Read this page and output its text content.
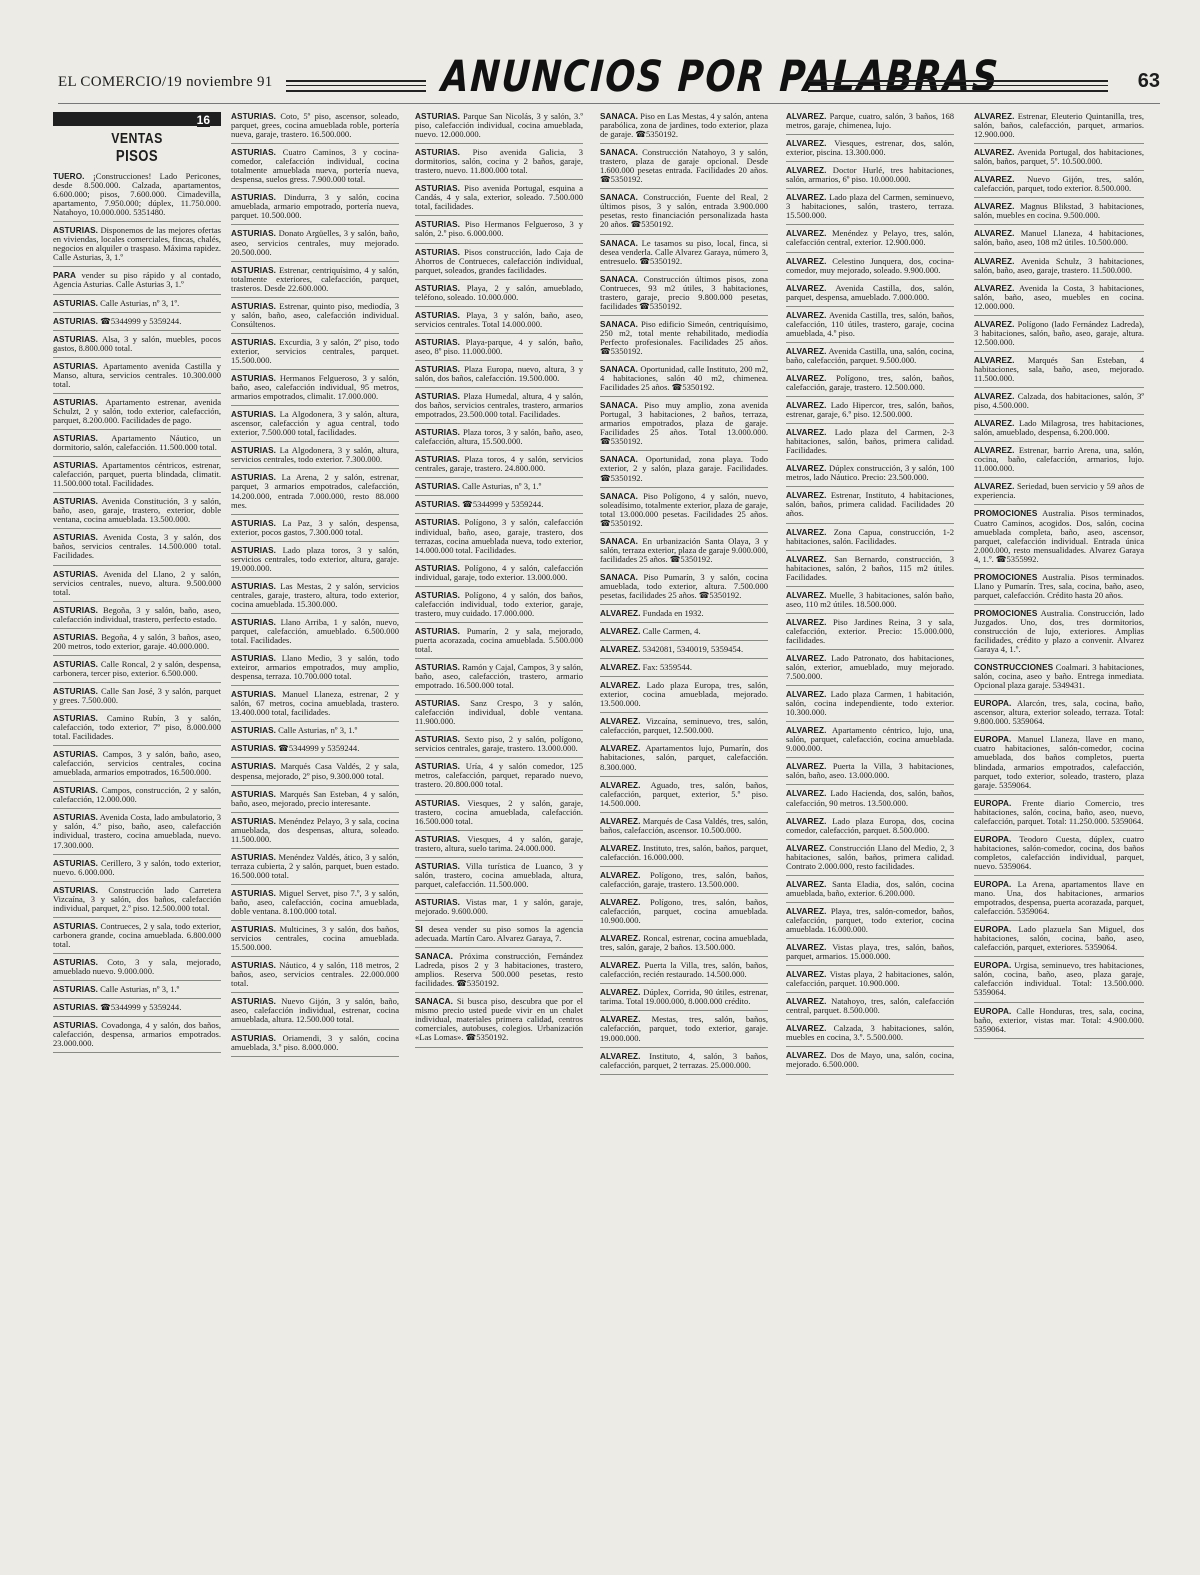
EL COMERCIO/19 noviembre 91	ANUNCIOS POR PALABRAS	63
16
VENTAS
PISOS
TUERO. ¡Construcciones! Lado Pericones, desde 8.500.000. Calzada, apartamentos, 6.600.000; pisos, 7.600.000. Cimadevilla, apartamento, 7.950.000; dúplex, 11.750.000. Natahoyo, 10.000.000. 5351480.
ASTURIAS. Disponemos de las mejores ofertas en viviendas, locales comerciales, fincas, chalés, negocios en alquiler o traspaso. Máxima rapidez. Calle Asturias, 3, 1.º
PARA vender su piso rápido y al contado, Agencia Asturias. Calle Asturias 3, 1.º
ASTURIAS. Calle Asturias, nº 3, 1º.
ASTURIAS. ☎5344999 y 5359244.
ASTURIAS. Alsa, 3 y salón, muebles, pocos gastos, 8.800.000 total.
ASTURIAS. Apartamento avenida Castilla y Manso, altura, servicios centrales. 10.300.000 total.
ASTURIAS. Apartamento estrenar, avenida Schulzt, 2 y salón, todo exterior, calefacción, parquet, 8.200.000. Facilidades de pago.
ASTURIAS. Apartamento Náutico, un dormitorio, salón, calefacción. 11.500.000 total.
ASTURIAS. Apartamentos céntricos, estrenar, calefacción, parquet, puerta blindada, climatit. 11.500.000 total. Facilidades.
ASTURIAS. Avenida Constitución, 3 y salón, baño, aseo, garaje, trastero, exterior, doble ventana, cocina amueblada. 13.500.000.
ASTURIAS. Avenida Costa, 3 y salón, dos baños, servicios centrales. 14.500.000 total. Facilidades.
ASTURIAS. Avenida del Llano, 2 y salón, servicios centrales, nuevo, altura. 9.500.000 total.
ASTURIAS. Begoña, 3 y salón, baño, aseo, calefacción individual, trastero, perfecto estado.
ASTURIAS. Begoña, 4 y salón, 3 baños, aseo, 200 metros, todo exterior, garaje. 40.000.000.
ASTURIAS. Calle Roncal, 2 y salón, despensa, carbonera, tercer piso, exterior. 6.500.000.
ASTURIAS. Calle San José, 3 y salón, parquet y grees. 7.500.000.
ASTURIAS. Camino Rubín, 3 y salón, calefacción, todo exterior, 7º piso, 8.000.000 total. Facilidades.
ASTURIAS. Campos, 3 y salón, baño, aseo, calefacción, servicios centrales, cocina amueblada, armarios empotrados, 16.500.000.
ASTURIAS. Campos, construcción, 2 y salón, calefacción, 12.000.000.
ASTURIAS. Avenida Costa, lado ambulatorio, 3 y salón, 4.º piso, baño, aseo, calefacción individual, trastero, cocina amueblada, nuevo. 17.300.000.
ASTURIAS. Cerillero, 3 y salón, todo exterior, nuevo. 6.000.000.
ASTURIAS. Construcción lado Carretera Vizcaína, 3 y salón, dos baños, calefacción individual, parquet, 2.º piso. 12.500.000 total.
ASTURIAS. Contrueces, 2 y sala, todo exterior, carbonera grande, cocina amueblada. 6.800.000 total.
ASTURIAS. Coto, 3 y sala, mejorado, amueblado nuevo. 9.000.000.
ASTURIAS. Calle Asturias, nº 3, 1.º
ASTURIAS. ☎5344999 y 5359244.
ASTURIAS. Covadonga, 4 y salón, dos baños, calefacción, despensa, armarios empotrados. 23.000.000.
ASTURIAS. Coto, 5º piso, ascensor, soleado, parquet, grees, cocina amueblada roble, portería nueva, garaje, trastero. 16.500.000.
ASTURIAS. Cuatro Caminos, 3 y cocina-comedor, calefacción individual, cocina totalmente amueblada nueva, portería nueva, despensa, suelos gress. 7.900.000 total.
ASTURIAS. Dindurra, 3 y salón, cocina amueblada, armario empotrado, portería nueva, parquet. 10.500.000.
ASTURIAS. Donato Argüelles, 3 y salón, baño, aseo, servicios centrales, muy mejorado. 20.500.000.
ASTURIAS. Estrenar, centriquísimo, 4 y salón, totalmente exteriores, calefacción, parquet, trasteros. Desde 22.600.000.
ASTURIAS. Estrenar, quinto piso, mediodía, 3 y salón, baño, aseo, calefacción individual. Consúltenos.
ASTURIAS. Excurdia, 3 y salón, 2º piso, todo exterior, servicios centrales, parquet. 15.500.000.
ASTURIAS. Hermanos Felgueroso, 3 y salón, baño, aseo, calefacción individual, 95 metros, armarios empotrados, climalit. 17.000.000.
ASTURIAS. La Algodonera, 3 y salón, altura, ascensor, calefacción y agua central, todo exterior, 7.500.000 total, facilidades.
ASTURIAS. La Algodonera, 3 y salón, altura, servicios centrales, todo exterior. 7.300.000.
ASTURIAS. La Arena, 2 y salón, estrenar, parquet, 3 armarios empotrados, calefacción, 14.200.000, entrada 7.000.000, resto 88.000 mes.
ASTURIAS. La Paz, 3 y salón, despensa, exterior, pocos gastos, 7.300.000 total.
ASTURIAS. Lado plaza toros, 3 y salón, servicios centrales, todo exterior, altura, garaje. 19.000.000.
ASTURIAS. Las Mestas, 2 y salón, servicios centrales, garaje, trastero, altura, todo exterior, cocina amueblada. 15.300.000.
ASTURIAS. Llano Arriba, 1 y salón, nuevo, parquet, calefacción, amueblado. 6.500.000 total. Facilidades.
ASTURIAS. Llano Medio, 3 y salón, todo exteiror, armarios empotrados, muy amplio, despensa, terraza. 10.700.000 total.
ASTURIAS. Manuel Llaneza, estrenar, 2 y salón, 67 metros, cocina amueblada, trastero. 13.400.000 total, facilidades.
ASTURIAS. Calle Asturias, nº 3, 1.º
ASTURIAS. ☎5344999 y 5359244.
ASTURIAS. Marqués Casa Valdés, 2 y sala, despensa, mejorado, 2º piso, 9.300.000 total.
ASTURIAS. Marqués San Esteban, 4 y salón, baño, aseo, mejorado, precio interesante.
ASTURIAS. Menéndez Pelayo, 3 y sala, cocina amueblada, dos despensas, altura, soleado. 11.500.000.
ASTURIAS. Menéndez Valdés, ático, 3 y salón, terraza cubierta, 2 y salón, parquet, buen estado. 16.500.000 total.
ASTURIAS. Miguel Servet, piso 7.º, 3 y salón, baño, aseo, calefacción, cocina amueblada, doble ventana. 8.100.000 total.
ASTURIAS. Multicines, 3 y salón, dos baños, servicios centrales, cocina amueblada. 15.500.000.
ASTURIAS. Náutico, 4 y salón, 118 metros, 2 baños, aseo, servicios centrales. 22.000.000 total.
ASTURIAS. Nuevo Gijón, 3 y salón, baño, aseo, calefacción individual, estrenar, cocina amueblada, altura. 12.500.000 total.
ASTURIAS. Oriamendi, 3 y salón, cocina amueblada, 3.º piso. 8.000.000.
ASTURIAS. Parque San Nicolás, 3 y salón, 3.º piso, calefacción individual, cocina amueblada, nuevo. 12.000.000.
ASTURIAS. Piso avenida Galicia, 3 dormitorios, salón, cocina y 2 baños, garaje, trastero, nuevo. 11.800.000 total.
ASTURIAS. Piso avenida Portugal, esquina a Candás, 4 y sala, exterior, soleado. 7.500.000 total, facilidades.
ASTURIAS. Piso Hermanos Felgueroso, 3 y salón, 2.º piso. 6.000.000.
ASTURIAS. Pisos construcción, lado Caja de Ahorros de Contrueces, calefacción individual, parquet, soleados, grandes facilidades.
ASTURIAS. Playa, 2 y salón, amueblado, teléfono, soleado. 10.000.000.
ASTURIAS. Playa, 3 y salón, baño, aseo, servicios centrales. Total 14.000.000.
ASTURIAS. Playa-parque, 4 y salón, baño, aseo, 8º piso. 11.000.000.
ASTURIAS. Plaza Europa, nuevo, altura, 3 y salón, dos baños, calefacción. 19.500.000.
ASTURIAS. Plaza Humedal, altura, 4 y salón, dos baños, servicios centrales, trastero, armarios empotrados, 23.500.000 total. Facilidades.
ASTURIAS. Plaza toros, 3 y salón, baño, aseo, calefacción, altura, 15.500.000.
ASTURIAS. Plaza toros, 4 y salón, servicios centrales, garaje, trastero. 24.800.000.
ASTURIAS. Calle Asturias, nº 3, 1.º
ASTURIAS. ☎5344999 y 5359244.
ASTURIAS. Polígono, 3 y salón, calefacción individual, baño, aseo, garaje, trastero, dos terrazas, cocina amueblada nueva, todo exterior, 14.000.000 total. Facilidades.
ASTURIAS. Polígono, 4 y salón, calefacción individual, garaje, todo exterior. 13.000.000.
ASTURIAS. Polígono, 4 y salón, dos baños, calefacción individual, todo exterior, garaje, trastero, muy cuidado. 17.000.000.
ASTURIAS. Pumarín, 2 y sala, mejorado, puerta acorazada, cocina amueblada. 5.500.000 total.
ASTURIAS. Ramón y Cajal, Campos, 3 y salón, baño, aseo, calefacción, trastero, armario empotrado. 16.500.000 total.
ASTURIAS. Sanz Crespo, 3 y salón, calefacción individual, doble ventana. 11.900.000.
ASTURIAS. Sexto piso, 2 y salón, polígono, servicios centrales, garaje, trastero. 13.000.000.
ASTURIAS. Uría, 4 y salón comedor, 125 metros, calefacción, parquet, reparado nuevo, trastero. 20.800.000 total.
ASTURIAS. Viesques, 2 y salón, garaje, trastero, cocina amueblada, calefacción. 16.500.000 total.
ASTURIAS. Viesques, 4 y salón, garaje, trastero, altura, suelo tarima. 24.000.000.
ASTURIAS. Villa turística de Luanco, 3 y salón, trastero, cocina amueblada, altura, parquet, calefacción. 11.500.000.
ASTURIAS. Vistas mar, 1 y salón, garaje, mejorado. 9.600.000.
SI desea vender su piso somos la agencia adecuada. Martín Caro. Alvarez Garaya, 7.
SANACA. Próxima construcción, Fernández Ladreda, pisos 2 y 3 habitaciones, trastero, amplios. Reserva 500.000 pesetas, resto facilidades. ☎5350192.
SANACA. Si busca piso, descubra que por el mismo precio usted puede vivir en un chalet individual, materiales primera calidad, centros comerciales, autobuses, colegios. Urbanización «Las Lomas». ☎5350192.
SANACA. Piso en Las Mestas, 4 y salón, antena parabólica, zona de jardines, todo exterior, plaza de garaje. ☎5350192.
SANACA. Construcción Natahoyo, 3 y salón, trastero, plaza de garaje opcional. Desde 1.600.000 pesetas entrada. Facilidades 20 años. ☎5350192.
SANACA. Construcción, Fuente del Real, 2 últimos pisos, 3 y salón, entrada 3.900.000 pesetas, resto financiación personalizada hasta 20 años. ☎5350192.
SANACA. Le tasamos su piso, local, finca, si desea venderla. Calle Alvarez Garaya, número 3, entresuelo. ☎5350192.
SANACA. Construcción últimos pisos, zona Contrueces, 93 m2 útiles, 3 habitaciones, trastero, garaje, precio 9.800.000 pesetas, facilidades ☎5350192.
SANACA. Piso edificio Simeón, centriquísimo, 250 m2, total mente rehabilitado, mediodía Perfecto profesionales. Facilidades 25 años. ☎5350192.
SANACA. Oportunidad, calle Instituto, 200 m2, 4 habitaciones, salón 40 m2, chimenea. Facilidades 25 años. ☎5350192.
SANACA. Piso muy amplio, zona avenida Portugal, 3 habitaciones, 2 baños, terraza, armarios empotrados, plaza de garaje. Facilidades 25 años. Total 13.000.000. ☎5350192.
SANACA. Oportunidad, zona playa. Todo exterior, 2 y salón, plaza garaje. Facilidades. ☎5350192.
SANACA. Piso Polígono, 4 y salón, nuevo, soleadísimo, totalmente exterior, plaza de garaje, total 13.000.000 pesetas. Facilidades 25 años. ☎5350192.
SANACA. En urbanización Santa Olaya, 3 y salón, terraza exterior, plaza de garaje 9.000.000, facilidades 25 años. ☎5350192.
SANACA. Piso Pumarín, 3 y salón, cocina amueblada, todo exterior, altura. 7.500.000 pesetas, facilidades 25 años. ☎5350192.
ALVAREZ. Fundada en 1932.
ALVAREZ. Calle Carmen, 4.
ALVAREZ. 5342081, 5340019, 5359454.
ALVAREZ. Fax: 5359544.
ALVAREZ. Lado plaza Europa, tres, salón, exterior, cocina amueblada, mejorado. 13.500.000.
ALVAREZ. Vizcaína, seminuevo, tres, salón, calefacción, parquet, 12.500.000.
ALVAREZ. Apartamentos lujo, Pumarín, dos habitaciones, salón, parquet, calefacción. 8.300.000.
ALVAREZ. Aguado, tres, salón, baños, calefacción, parquet, exterior, 5.º piso. 14.500.000.
ALVAREZ. Marqués de Casa Valdés, tres, salón, baños, calefacción, ascensor. 10.500.000.
ALVAREZ. Instituto, tres, salón, baños, parquet, calefacción. 16.000.000.
ALVAREZ. Polígono, tres, salón, baños, calefacción, garaje, trastero. 13.500.000.
ALVAREZ. Polígono, tres, salón, baños, calefacción, parquet, cocina amueblada. 10.900.000.
ALVAREZ. Roncal, estrenar, cocina amueblada, tres, salón, garaje, 2 baños. 13.500.000.
ALVAREZ. Puerta la Villa, tres, salón, baños, calefacción, recién restaurado. 14.500.000.
ALVAREZ. Dúplex, Corrida, 90 útiles, estrenar, tarima. Total 19.000.000, 8.000.000 crédito.
ALVAREZ. Mestas, tres, salón, baños, calefacción, parquet, todo exterior, garaje. 19.000.000.
ALVAREZ. Instituto, 4, salón, 3 baños, calefacción, parquet, 2 terrazas. 25.000.000.
ALVAREZ. Parque, cuatro, salón, 3 baños, 168 metros, garaje, chimenea, lujo.
ALVAREZ. Viesques, estrenar, dos, salón, exterior, piscina. 13.300.000.
ALVAREZ. Doctor Hurlé, tres habitaciones, salón, armarios, 6º piso. 10.000.000.
ALVAREZ. Lado plaza del Carmen, seminuevo, 3 habitaciones, salón, trastero, terraza. 15.500.000.
ALVAREZ. Menéndez y Pelayo, tres, salón, calefacción central, exterior. 12.900.000.
ALVAREZ. Celestino Junquera, dos, cocina-comedor, muy mejorado, soleado. 9.900.000.
ALVAREZ. Avenida Castilla, dos, salón, parquet, despensa, amueblado. 7.000.000.
ALVAREZ. Avenida Castilla, tres, salón, baños, calefacción, 110 útiles, trastero, garaje, cocina amueblada, 4.º piso.
ALVAREZ. Avenida Castilla, una, salón, cocina, baño, calefacción, parquet. 9.500.000.
ALVAREZ. Polígono, tres, salón, baños, calefacción, garaje, trastero. 12.500.000.
ALVAREZ. Lado Hipercor, tres, salón, baños, estrenar, garaje, 6.º piso. 12.500.000.
ALVAREZ. Lado plaza del Carmen, 2-3 habitaciones, salón, baños, primera calidad. Facilidades.
ALVAREZ. Dúplex construcción, 3 y salón, 100 metros, lado Náutico. Precio: 23.500.000.
ALVAREZ. Estrenar, Instituto, 4 habitaciones, salón, baños, primera calidad. Facilidades 20 años.
ALVAREZ. Zona Capua, construcción, 1-2 habitaciones, salón. Facilidades.
ALVAREZ. San Bernardo, construcción, 3 habitaciones, salón, 2 baños, 115 m2 útiles. Facilidades.
ALVAREZ. Muelle, 3 habitaciones, salón baño, aseo, 110 m2 útiles. 18.500.000.
ALVAREZ. Piso Jardines Reina, 3 y sala, calefacción, exterior. Precio: 15.000.000, facilidades.
ALVAREZ. Lado Patronato, dos habitaciones, salón, exterior, amueblado, muy mejorado. 7.500.000.
ALVAREZ. Lado plaza Carmen, 1 habitación, salón, cocina independiente, todo exterior. 10.300.000.
ALVAREZ. Apartamento céntrico, lujo, una, salón, parquet, calefacción, cocina amueblada. 9.000.000.
ALVAREZ. Puerta la Villa, 3 habitaciones, salón, baño, aseo. 13.000.000.
ALVAREZ. Lado Hacienda, dos, salón, baños, calefacción, 90 metros. 13.500.000.
ALVAREZ. Lado plaza Europa, dos, cocina comedor, calefacción, parquet. 8.500.000.
ALVAREZ. Construcción Llano del Medio, 2, 3 habitaciones, salón, baños, primera calidad. Contrato 2.000.000, resto facilidades.
ALVAREZ. Santa Eladia, dos, salón, cocina amueblada, baño, exterior. 6.200.000.
ALVAREZ. Playa, tres, salón-comedor, baños, calefacción, parquet, todo exterior, cocina amueblada. 16.000.000.
ALVAREZ. Vistas playa, tres, salón, baños, parquet, armarios. 15.000.000.
ALVAREZ. Vistas playa, 2 habitaciones, salón, calefacción, parquet. 10.900.000.
ALVAREZ. Natahoyo, tres, salón, calefacción central, parquet. 8.500.000.
ALVAREZ. Calzada, 3 habitaciones, salón, muebles en cocina, 3.º. 5.500.000.
ALVAREZ. Dos de Mayo, una, salón, cocina, mejorado. 6.500.000.
ALVAREZ. Estrenar, Eleuterio Quintanilla, tres, salón, baños, calefacción, parquet, armarios. 12.900.000.
ALVAREZ. Avenida Portugal, dos habitaciones, salón, baños, parquet, 5º. 10.500.000.
ALVAREZ. Nuevo Gijón, tres, salón, calefacción, parquet, todo exterior. 8.500.000.
ALVAREZ. Magnus Blikstad, 3 habitaciones, salón, muebles en cocina. 9.500.000.
ALVAREZ. Manuel Llaneza, 4 habitaciones, salón, baño, aseo, 108 m2 útiles. 10.500.000.
ALVAREZ. Avenida Schulz, 3 habitaciones, salón, baño, aseo, garaje, trastero. 11.500.000.
ALVAREZ. Avenida la Costa, 3 habitaciones, salón, baño, aseo, muebles en cocina. 12.000.000.
ALVAREZ. Polígono (lado Fernández Ladreda), 3 habitaciones, salón, baño, aseo, garaje, altura. 12.500.000.
ALVAREZ. Marqués San Esteban, 4 habitaciones, sala, baño, aseo, mejorado. 11.500.000.
ALVAREZ. Calzada, dos habitaciones, salón, 3º piso, 4.500.000.
ALVAREZ. Lado Milagrosa, tres habitaciones, salón, amueblado, despensa, 6.200.000.
ALVAREZ. Estrenar, barrio Arena, una, salón, cocina, baño, calefacción, armarios, lujo. 11.000.000.
ALVAREZ. Seriedad, buen servicio y 59 años de experiencia.
PROMOCIONES Australia. Pisos terminados, Cuatro Caminos, acogidos. Dos, salón, cocina amueblada completa, baño, aseo, ascensor, parquet, calefacción individual. Entrada única 2.000.000, resto mensualidades. Alvarez Garaya 4, 1.º. ☎5355992.
PROMOCIONES Australia. Pisos terminados. Llano y Pumarín. Tres, sala, cocina, baño, aseo, parquet, calefacción. Crédito hasta 20 años.
PROMOCIONES Australia. Construcción, lado Juzgados. Uno, dos, tres dormitorios, construcción de lujo, exteriores. Amplias facilidades, crédito y plazo a convenir. Alvarez Garaya 4, 1.º.
CONSTRUCCIONES Coalmari. 3 habitaciones, salón, cocina, aseo y baño. Entrega inmediata. Opcional plaza garaje. 5349431.
EUROPA. Alarcón, tres, sala, cocina, baño, ascensor, altura, exterior soleado, terraza. Total: 9.800.000. 5359064.
EUROPA. Manuel Llaneza, llave en mano, cuatro habitaciones, salón-comedor, cocina amueblada, dos baños completos, puerta blindada, armarios empotrados, calefacción, parquet, todo exterior, soleado, trastero, plaza garaje. 5359064.
EUROPA. Frente diario Comercio, tres habitaciones, salón, cocina, baño, aseo, nuevo, calefacción, parquet. Total: 11.250.000. 5359064.
EUROPA. Teodoro Cuesta, dúplex, cuatro habitaciones, salón-comedor, cocina, dos baños completos, calefacción individual, parquet, nuevo. 5359064.
EUROPA. La Arena, apartamentos llave en mano. Una, dos habitaciones, armarios empotrados, despensa, puerta acorazada, parquet, calefacción. 5359064.
EUROPA. Lado plazuela San Miguel, dos habitaciones, salón, cocina, baño, aseo, calefacción, parquet, exteriores. 5359064.
EUROPA. Urgisa, seminuevo, tres habitaciones, salón, cocina, baño, aseo, plaza garaje, calefacción individual. Total: 13.500.000. 5359064.
EUROPA. Calle Honduras, tres, sala, cocina, baño, exterior, vistas mar. Total: 4.900.000. 5359064.
